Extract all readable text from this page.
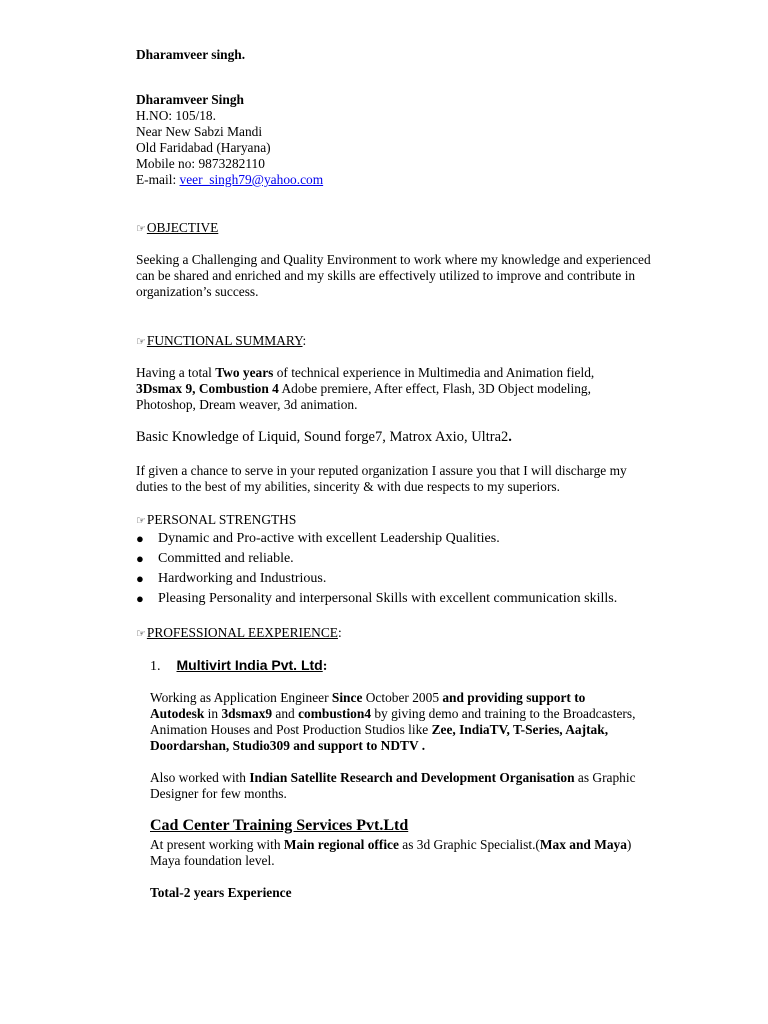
Dharamveer singh.
Dharamveer Singh
H.NO: 105/18.
Near New Sabzi Mandi
Old Faridabad (Haryana)
Mobile no: 9873282110
E-mail: veer_singh79@yahoo.com
☞OBJECTIVE
Seeking a Challenging and Quality Environment to work where my knowledge and experienced can be shared and enriched and my skills are effectively utilized to improve and contribute in organization’s success.
☞FUNCTIONAL SUMMARY:
Having a total Two years of technical experience in Multimedia and Animation field,
3Dsmax 9, Combustion 4 Adobe premiere, After effect, Flash, 3D Object modeling,
Photoshop, Dream weaver, 3d animation.
Basic Knowledge of Liquid, Sound forge7, Matrox Axio, Ultra2.
If given a chance to serve in your reputed organization I assure you that I will discharge my duties to the best of my abilities, sincerity & with due respects to my superiors.
☞PERSONAL STRENGTHS
● Dynamic and Pro-active with excellent Leadership Qualities.
● Committed and reliable.
● Hardworking and Industrious.
● Pleasing Personality and interpersonal Skills with excellent communication skills.
☞PROFESSIONAL EEXPERIENCE:
1. Multivirt India Pvt. Ltd:
Working as Application Engineer Since October 2005 and providing support to
Autodesk in 3dsmax9 and combustion4 by giving demo and training to the Broadcasters,
Animation Houses and Post Production Studios like Zee, IndiaTV, T-Series, Aajtak,
Doordarshan, Studio309 and support to NDTV .
Also worked with Indian Satellite Research and Development Organisation as Graphic
Designer for few months.
Cad Center Training Services Pvt.Ltd
At present working with Main regional office as 3d Graphic Specialist.(Max and Maya)
Maya foundation level.
Total-2 years Experience
